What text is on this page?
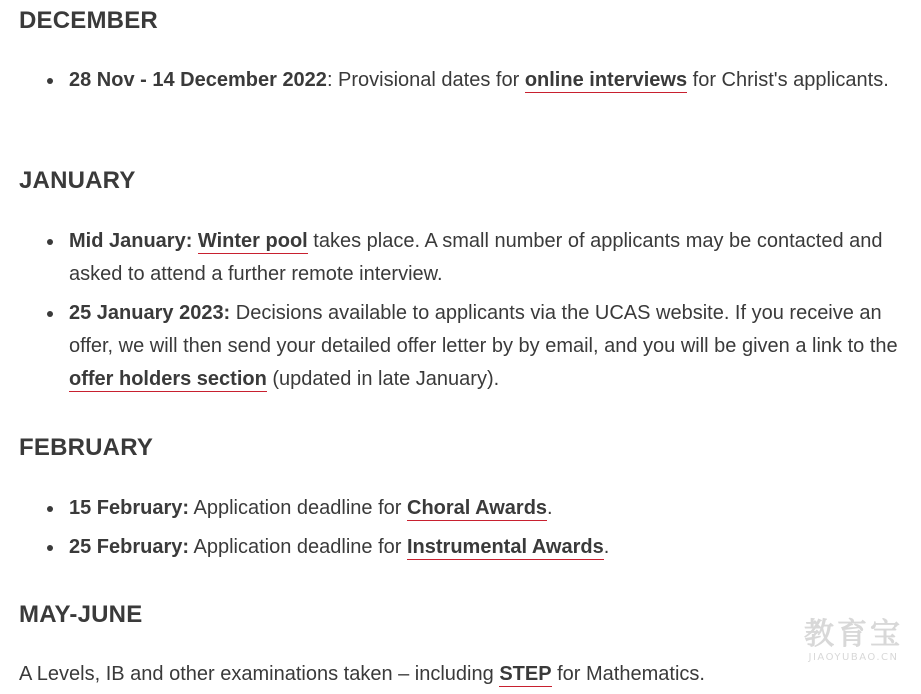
DECEMBER
28 Nov - 14 December 2022: Provisional dates for online interviews for Christ's applicants.
JANUARY
Mid January: Winter pool takes place. A small number of applicants may be contacted and asked to attend a further remote interview.
25 January 2023: Decisions available to applicants via the UCAS website. If you receive an offer, we will then send your detailed offer letter by by email, and you will be given a link to the offer holders section (updated in late January).
FEBRUARY
15 February: Application deadline for Choral Awards.
25 February: Application deadline for Instrumental Awards.
MAY-JUNE
A Levels, IB and other examinations taken – including STEP for Mathematics.
教育宝
JIAOYUBAO.CN
